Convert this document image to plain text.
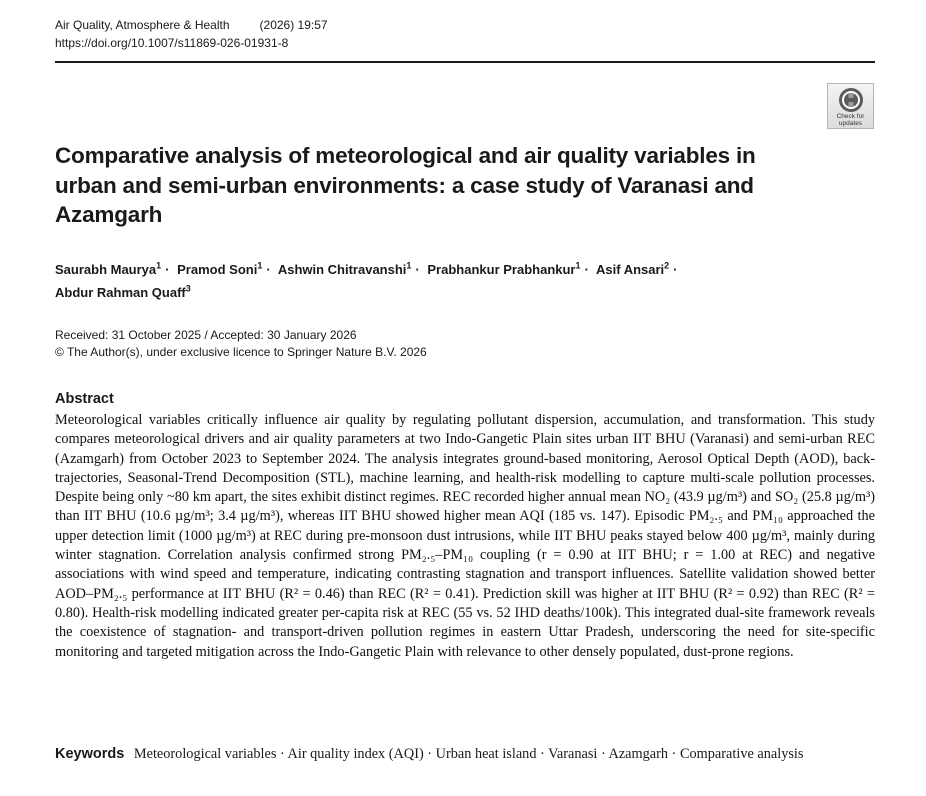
Air Quality, Atmosphere & Health	(2026) 19:57
https://doi.org/10.1007/s11869-026-01931-8
Check for
updates
Comparative analysis of meteorological and air quality variables in urban and semi-urban environments: a case study of Varanasi and Azamgarh
Saurabh Maurya$^1$ · Pramod Soni$^1$ · Ashwin Chitravanshi$^1$ · Prabhankur Prabhankur$^1$ · Asif Ansari$^2$ ·
Abdur Rahman Quaff$^3$
Received: 31 October 2025 / Accepted: 30 January 2026
© The Author(s), under exclusive licence to Springer Nature B.V. 2026
Abstract

Meteorological variables critically influence air quality by regulating pollutant dispersion, accumulation, and transformation. This study compares meteorological drivers and air quality parameters at two Indo-Gangetic Plain sites urban IIT BHU (Varanasi) and semi-urban REC (Azamgarh) from October 2023 to September 2024. The analysis integrates ground-based monitoring, Aerosol Optical Depth (AOD), back-trajectories, Seasonal-Trend Decomposition (STL), machine learning, and health-risk modelling to capture multi-scale pollution processes. Despite being only ~80 km apart, the sites exhibit distinct regimes. REC recorded higher annual mean NO₂ (43.9 µg/m³) and SO₂ (25.8 µg/m³) than IIT BHU (10.6 µg/m³; 3.4 µg/m³), whereas IIT BHU showed higher mean AQI (185 vs. 147). Episodic PM₂.₅ and PM₁₀ approached the upper detection limit (1000 µg/m³) at REC during pre-monsoon dust intrusions, while IIT BHU peaks stayed below 400 µg/m³, mainly during winter stagnation. Correlation analysis confirmed strong PM₂.₅–PM₁₀ coupling (r = 0.90 at IIT BHU; r = 1.00 at REC) and negative associations with wind speed and temperature, indicating contrasting stagnation and transport influences. Satellite validation showed better AOD–PM₂.₅ performance at IIT BHU (R² = 0.46) than REC (R² = 0.41). Prediction skill was higher at IIT BHU (R² = 0.92) than REC (R² = 0.80). Health-risk modelling indicated greater per-capita risk at REC (55 vs. 52 IHD deaths/100k). This integrated dual-site framework reveals the coexistence of stagnation- and transport-driven pollution regimes in eastern Uttar Pradesh, underscoring the need for site-specific monitoring and targeted mitigation across the Indo-Gangetic Plain with relevance to other densely populated, dust-prone regions.

Keywords Meteorological variables · Air quality index (AQI) · Urban heat island · Varanasi · Azamgarh · Comparative analysis
